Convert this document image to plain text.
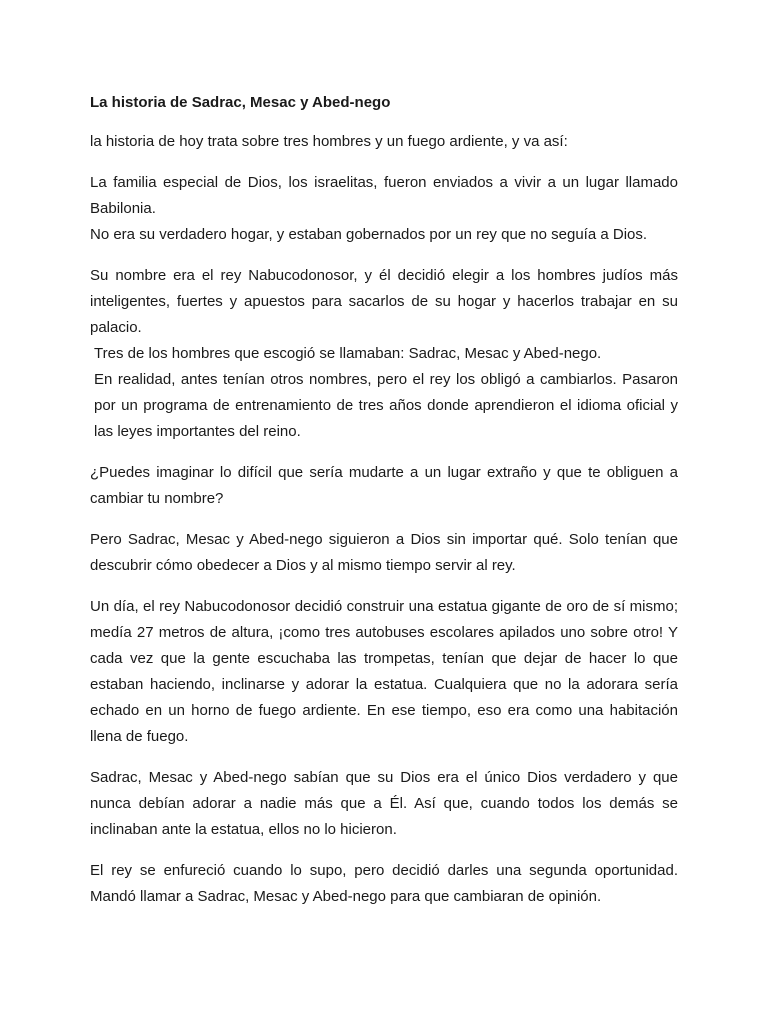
La historia de Sadrac, Mesac y Abed-nego
la historia de hoy trata sobre tres hombres y un fuego ardiente, y va así:
La familia especial de Dios, los israelitas, fueron enviados a vivir a un lugar llamado Babilonia.
No era su verdadero hogar, y estaban gobernados por un rey que no seguía a Dios.
Su nombre era el rey Nabucodonosor, y él decidió elegir a los hombres judíos más inteligentes, fuertes y apuestos para sacarlos de su hogar y hacerlos trabajar en su palacio.
Tres de los hombres que escogió se llamaban: Sadrac, Mesac y Abed-nego.
En realidad, antes tenían otros nombres, pero el rey los obligó a cambiarlos. Pasaron por un programa de entrenamiento de tres años donde aprendieron el idioma oficial y las leyes importantes del reino.
¿Puedes imaginar lo difícil que sería mudarte a un lugar extraño y que te obliguen a cambiar tu nombre?
Pero Sadrac, Mesac y Abed-nego siguieron a Dios sin importar qué. Solo tenían que descubrir cómo obedecer a Dios y al mismo tiempo servir al rey.
Un día, el rey Nabucodonosor decidió construir una estatua gigante de oro de sí mismo; medía 27 metros de altura, ¡como tres autobuses escolares apilados uno sobre otro! Y cada vez que la gente escuchaba las trompetas, tenían que dejar de hacer lo que estaban haciendo, inclinarse y adorar la estatua. Cualquiera que no la adorara sería echado en un horno de fuego ardiente. En ese tiempo, eso era como una habitación llena de fuego.
Sadrac, Mesac y Abed-nego sabían que su Dios era el único Dios verdadero y que nunca debían adorar a nadie más que a Él. Así que, cuando todos los demás se inclinaban ante la estatua, ellos no lo hicieron.
El rey se enfureció cuando lo supo, pero decidió darles una segunda oportunidad. Mandó llamar a Sadrac, Mesac y Abed-nego para que cambiaran de opinión.
